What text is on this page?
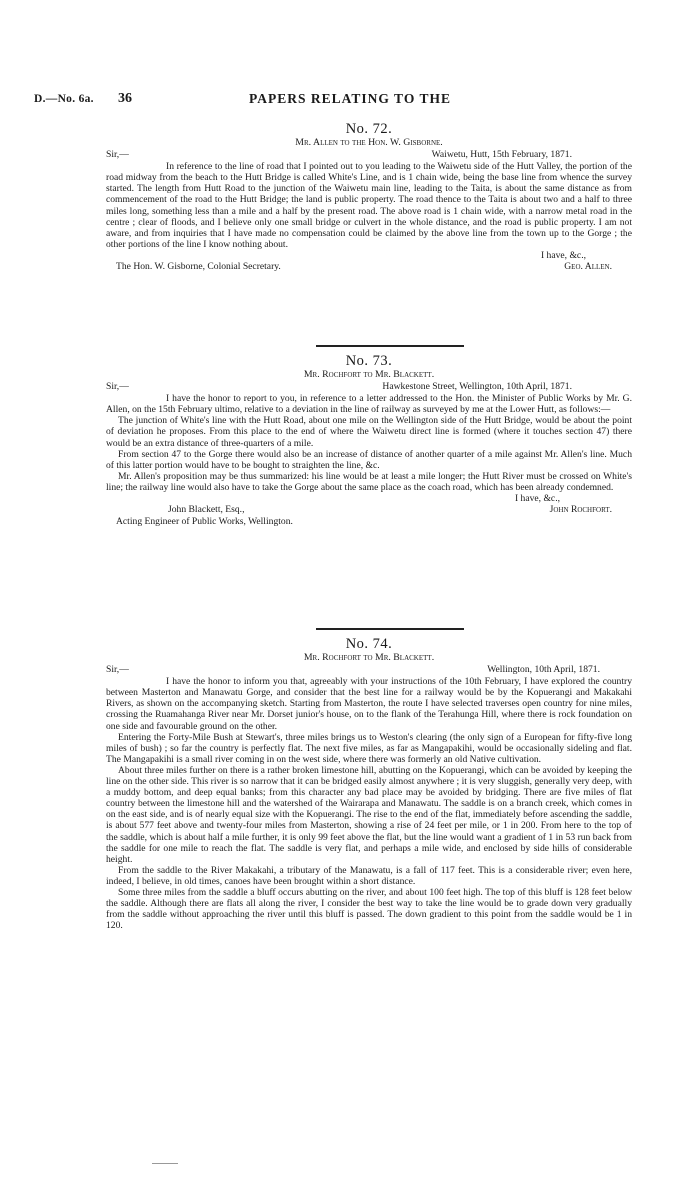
D.—No. 6a. 36	PAPERS RELATING TO THE
No. 72.
Mr. Allen to the Hon. W. Gisborne.
Sir,—	Waiwetu, Hutt, 15th February, 1871.

In reference to the line of road that I pointed out to you leading to the Waiwetu side of the Hutt Valley, the portion of the road midway from the beach to the Hutt Bridge is called White's Line, and is 1 chain wide, being the base line from whence the survey started. The length from Hutt Road to the junction of the Waiwetu main line, leading to the Taita, is about the same distance as from commencement of the road to the Hutt Bridge; the land is public property. The road thence to the Taita is about two and a half to three miles long, something less than a mile and a half by the present road. The above road is 1 chain wide, with a narrow metal road in the centre ; clear of floods, and I believe only one small bridge or culvert in the whole distance, and the road is public property. I am not aware, and from inquiries that I have made no compensation could be claimed by the above line from the town up to the Gorge ; the other portions of the line I know nothing about.

I have, &c.,

The Hon. W. Gisborne, Colonial Secretary.	Geo. Allen.
No. 73.
Mr. Rochfort to Mr. Blackett.
Sir,—	Hawkestone Street, Wellington, 10th April, 1871.

I have the honor to report to you, in reference to a letter addressed to the Hon. the Minister of Public Works by Mr. G. Allen, on the 15th February ultimo, relative to a deviation in the line of railway as surveyed by me at the Lower Hutt, as follows:—

The junction of White's line with the Hutt Road, about one mile on the Wellington side of the Hutt Bridge, would be about the point of deviation he proposes. From this place to the end of where the Waiwetu direct line is formed (where it touches section 47) there would be an extra distance of three-quarters of a mile.

From section 47 to the Gorge there would also be an increase of distance of another quarter of a mile against Mr. Allen's line. Much of this latter portion would have to be bought to straighten the line, &c.

Mr. Allen's proposition may be thus summarized: his line would be at least a mile longer; the Hutt River must be crossed on White's line; the railway line would also have to take the Gorge about the same place as the coach road, which has been already condemned.

I have, &c.,

John Blackett, Esq.,	John Rochfort.

Acting Engineer of Public Works, Wellington.

No. 74.
Mr. Rochfort to Mr. Blackett.
Sir,—	Wellington, 10th April, 1871.

I have the honor to inform you that, agreeably with your instructions of the 10th February, I have explored the country between Masterton and Manawatu Gorge, and consider that the best line for a railway would be by the Kopuerangi and Makakahi Rivers, as shown on the accompanying sketch. Starting from Masterton, the route I have selected traverses open country for nine miles, crossing the Ruamahanga River near Mr. Dorset junior's house, on to the flank of the Terahunga Hill, where there is rock foundation on one side and favourable ground on the other.

Entering the Forty-Mile Bush at Stewart's, three miles brings us to Weston's clearing (the only sign of a European for fifty-five long miles of bush) ; so far the country is perfectly flat. The next five miles, as far as Mangapakihi, would be occasionally sideling and flat. The Mangapakihi is a small river coming in on the west side, where there was formerly an old Native cultivation.

About three miles further on there is a rather broken limestone hill, abutting on the Kopuerangi, which can be avoided by keeping the line on the other side. This river is so narrow that it can be bridged easily almost anywhere ; it is very sluggish, generally very deep, with a muddy bottom, and deep equal banks; from this character any bad place may be avoided by bridging. There are five miles of flat country between the limestone hill and the watershed of the Wairarapa and Manawatu. The saddle is on a branch creek, which comes in on the east side, and is of nearly equal size with the Kopuerangi. The rise to the end of the flat, immediately before ascending the saddle, is about 577 feet above and twenty-four miles from Masterton, showing a rise of 24 feet per mile, or 1 in 200. From here to the top of the saddle, which is about half a mile further, it is only 99 feet above the flat, but the line would want a gradient of 1 in 53 run back from the saddle for one mile to reach the flat. The saddle is very flat, and perhaps a mile wide, and enclosed by side hills of considerable height.

From the saddle to the River Makakahi, a tributary of the Manawatu, is a fall of 117 feet. This is a considerable river; even here, indeed, I believe, in old times, canoes have been brought within a short distance.

Some three miles from the saddle a bluff occurs abutting on the river, and about 100 feet high. The top of this bluff is 128 feet below the saddle. Although there are flats all along the river, I consider the best way to take the line would be to grade down very gradually from the saddle without approaching the river until this bluff is passed. The down gradient to this point from the saddle would be 1 in 120.
